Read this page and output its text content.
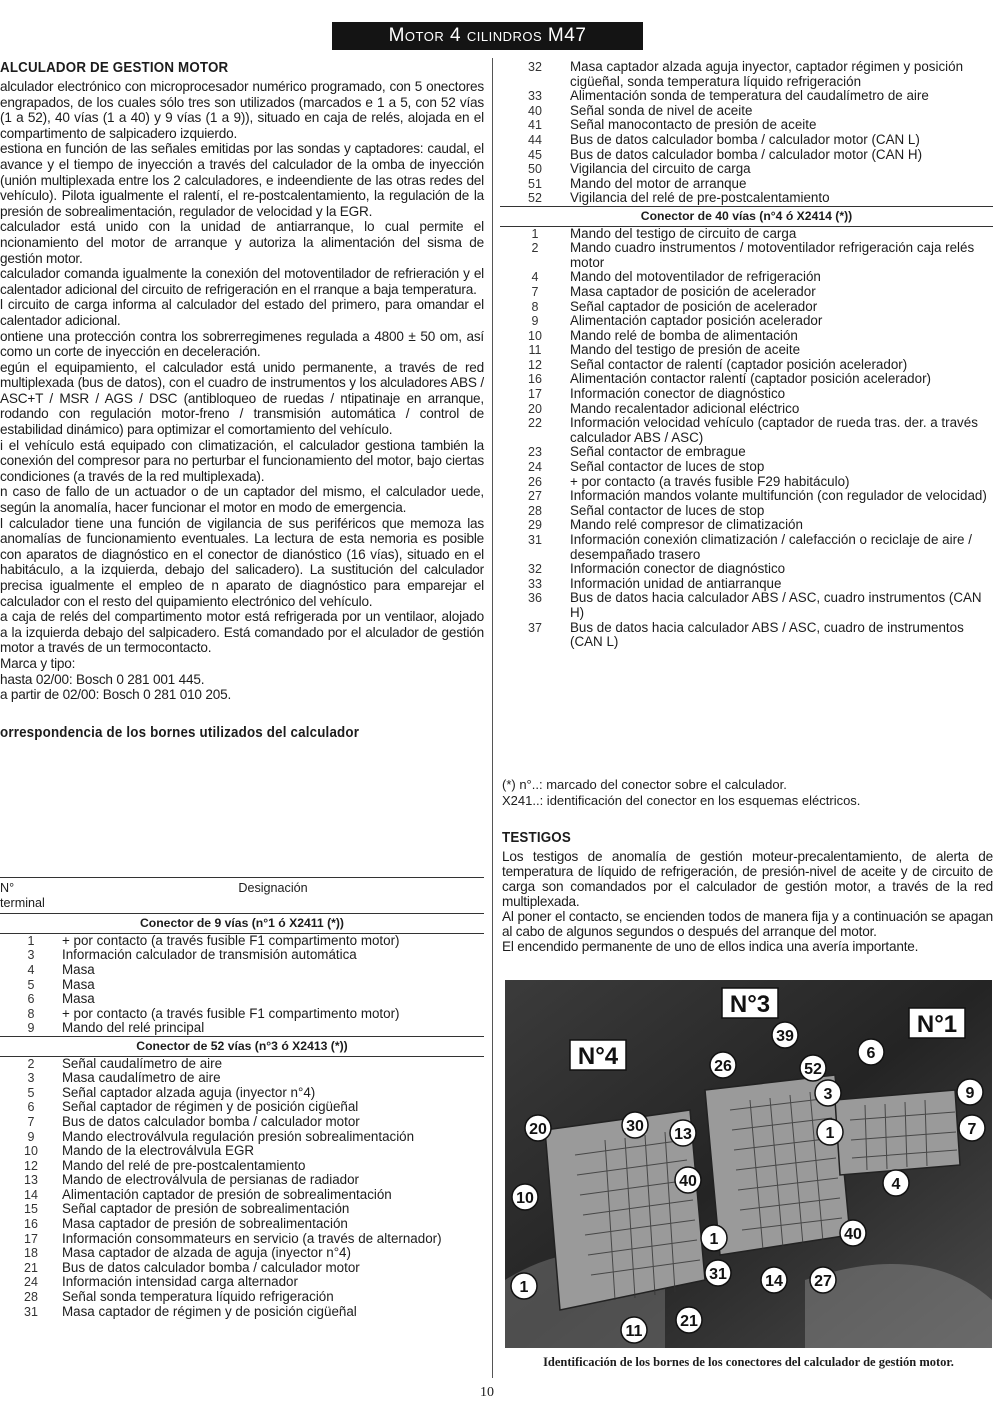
Motor 4 cilindros M47
ALCULADOR DE GESTION MOTOR

alculador electrónico con microprocesador numérico programado, con 5 onectores engrapados, de los cuales sólo tres son utilizados (marcados e 1 a 5, con 52 vías (1 a 52), 40 vías (1 a 40) y 9 vías (1 a 9)), situado en caja de relés, alojada en el compartimento de salpicadero izquierdo.

estiona en función de las señales emitidas por las sondas y captadores: caudal, el avance y el tiempo de inyección a través del calculador de la omba de inyección (unión multiplexada entre los 2 calculadores, e indeendiente de las otras redes del vehículo). Pilota igualmente el ralentí, el re-postcalentamiento, la regulación de la presión de sobrealimentación, regulador de velocidad y la EGR.

calculador está unido con la unidad de antiarranque, lo cual permite el ncionamiento del motor de arranque y autoriza la alimentación del sisma de gestión motor.

calculador comanda igualmente la conexión del motoventilador de refrieración y el calentador adicional del circuito de refrigeración en el rranque a baja temperatura.

l circuito de carga informa al calculador del estado del primero, para omandar el calentador adicional.

ontiene una protección contra los sobrerregimenes regulada a 4800 ± 50 om, así como un corte de inyección en deceleración.

egún el equipamiento, el calculador está unido permanente, a través de red multiplexada (bus de datos), con el cuadro de instrumentos y los alculadores ABS / ASC+T / MSR / AGS / DSC (antibloqueo de ruedas / ntipatinaje en arranque, rodando con regulación motor-freno / transmisión automática / control de estabilidad dinámico) para optimizar el comortamiento del vehículo.

i el vehículo está equipado con climatización, el calculador gestiona también la conexión del compresor para no perturbar el funcionamiento del motor, bajo ciertas condiciones (a través de la red multiplexada).

n caso de fallo de un actuador o de un captador del mismo, el calculador uede, según la anomalía, hacer funcionar el motor en modo de emergencia.

l calculador tiene una función de vigilancia de sus periféricos que memoza las anomalías de funcionamiento eventuales. La lectura de esta nemoria es posible con aparatos de diagnóstico en el conector de dianóstico (16 vías), situado en el habitáculo, a la izquierda, debajo del salicadero). La sustitución del calculador precisa igualmente el empleo de n aparato de diagnóstico para emparejar el calculador con el resto del quipamiento electrónico del vehículo.

a caja de relés del compartimento motor está refrigerada por un ventilaor, alojado a la izquierda debajo del salpicadero. Está comandado por el alculador de gestión motor a través de un termocontacto.

Marca y tipo:

hasta 02/00: Bosch 0 281 001 445.

a partir de 02/00: Bosch 0 281 010 205.

orrespondencia de los bornes utilizados del calculador
N° terminal	Designación
Conector de 9 vías (n°1 ó X2411 (*))	
1	+ por contacto (a través fusible F1 compartimento motor)
3	Información calculador de transmisión automática
4	Masa
5	Masa
6	Masa
8	+ por contacto (a través fusible F1 compartimento motor)
9	Mando del relé principal
Conector de 52 vías (n°3 ó X2413 (*))	
2	Señal caudalímetro de aire
3	Masa caudalímetro de aire
5	Señal captador alzada aguja (inyector n°4)
6	Señal captador de régimen y de posición cigüeñal
7	Bus de datos calculador bomba / calculador motor
9	Mando electroválvula regulación presión sobrealimentación
10	Mando de la electroválvula EGR
12	Mando del relé de pre-postcalentamiento
13	Mando de electroválvula de persianas de radiador
14	Alimentación captador de presión de sobrealimentación
15	Señal captador de presión de sobrealimentación
16	Masa captador de presión de sobrealimentación
17	Información consommateurs en servicio (a través de alternador)
18	Masa captador de alzada de aguja (inyector n°4)
21	Bus de datos calculador bomba / calculador motor
24	Información intensidad carga alternador
28	Señal sonda temperatura líquido refrigeración
31	Masa captador de régimen y de posición cigüeñal
32	Masa captador alzada aguja inyector, captador régimen y posición cigüeñal, sonda temperatura líquido refrigeración
33	Alimentación sonda de temperatura del caudalímetro de aire
40	Señal sonda de nivel de aceite
41	Señal manocontacto de presión de aceite
44	Bus de datos calculador bomba / calculador motor (CAN L)
45	Bus de datos calculador bomba / calculador motor (CAN H)
50	Vigilancia del circuito de carga
51	Mando del motor de arranque
52	Vigilancia del relé de pre-postcalentamiento
Conector de 40 vías (n°4 ó X2414 (*))	
1	Mando del testigo de circuito de carga
2	Mando cuadro instrumentos / motoventilador refrigeración caja relés motor
4	Mando del motoventilador de refrigeración
7	Masa captador de posición de acelerador
8	Señal captador de posición de acelerador
9	Alimentación captador posición acelerador
10	Mando relé de bomba de alimentación
11	Mando del testigo de presión de aceite
12	Señal contactor de ralentí (captador posición acelerador)
16	Alimentación contactor ralentí (captador posición acelerador)
17	Información conector de diagnóstico
20	Mando recalentador adicional eléctrico
22	Información velocidad vehículo (captador de rueda tras. der. a través calculador ABS / ASC)
23	Señal contactor de embrague
24	Señal contactor de luces de stop
26	+ por contacto (a través fusible F29 habitáculo)
27	Información mandos volante multifunción (con regulador de velocidad)
28	Señal contactor de luces de stop
29	Mando relé compresor de climatización
31	Información conexión climatización / calefacción o reciclaje de aire / desempañado trasero
32	Información conector de diagnóstico
33	Información unidad de antiarranque
36	Bus de datos hacia calculador ABS / ASC, cuadro instrumentos (CAN H)
37	Bus de datos hacia calculador ABS / ASC, cuadro de instrumentos (CAN L)
(*) n°..: marcado del conector sobre el calculador.
X241..: identificación del conector en los esquemas eléctricos.
TESTIGOS

Los testigos de anomalía de gestión moteur-precalentamiento, de alerta de temperatura de líquido de refrigeración, de presión-nivel de aceite y de circuito de carga son comandados por el calculador de gestión motor, a través de la red multiplexada.

Al poner el contacto, se encienden todos de manera fija y a continuación se apagan al cabo de algunos segundos o después del arranque del motor.

El encendido permanente de uno de ellos indica una avería importante.

N°3
N°4
N°1
39
52
26
6
3	9
1	7
4
13
20	30
40
10
1	40
31 14 27
1
21
11
Identificación de los bornes de los conectores del calculador de gestión motor.
10
